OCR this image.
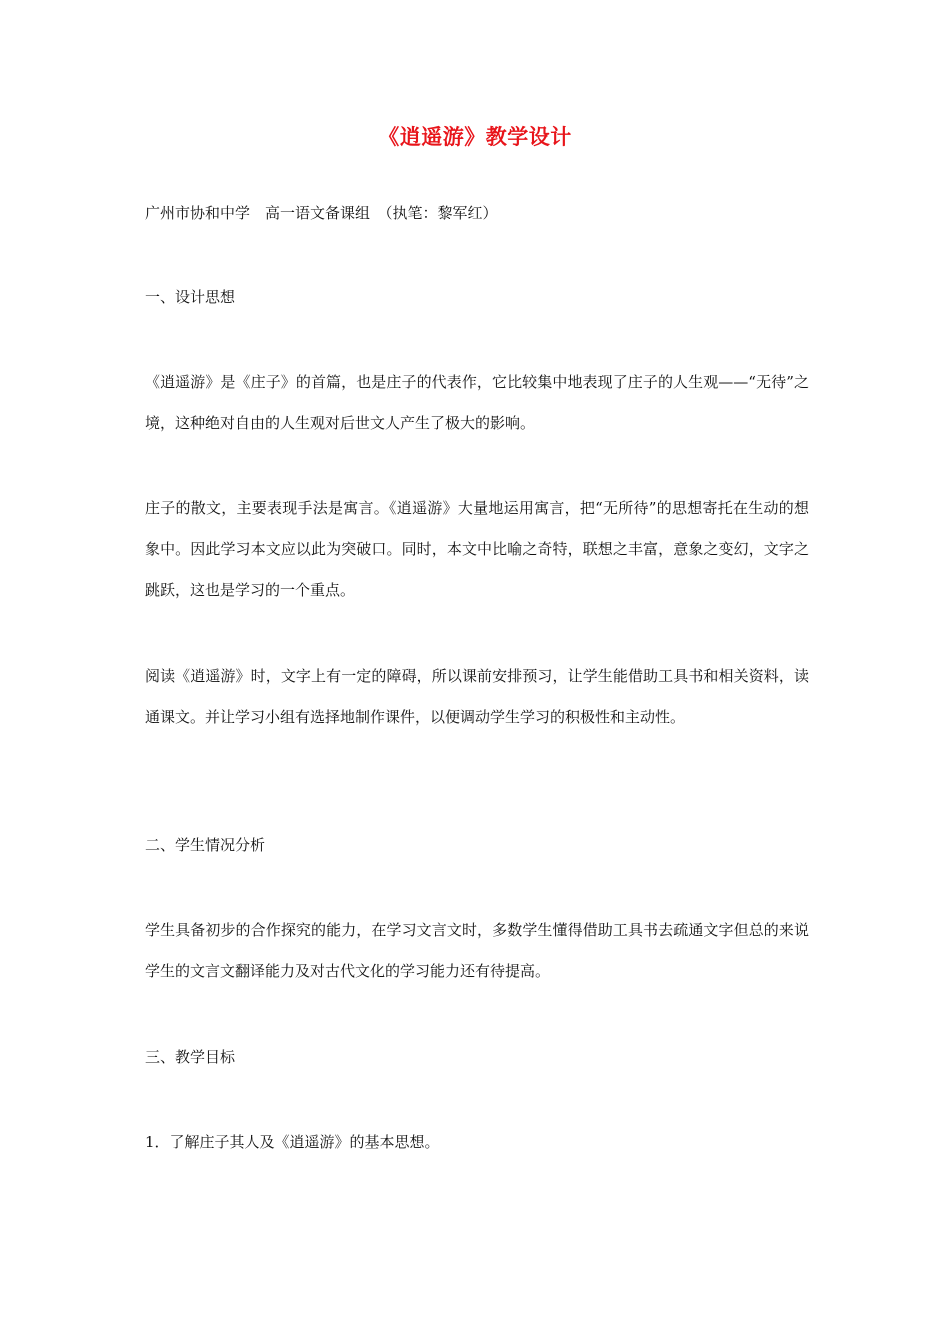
《逍遥游》教学设计
广州市协和中学　高一语文备课组　（执笔：黎军红）
一、设计思想
《逍遥游》是《庄子》的首篇，也是庄子的代表作，它比较集中地表现了庄子的人生观——“无待”之境，这种绝对自由的人生观对后世文人产生了极大的影响。
庄子的散文，主要表现手法是寓言。《逍遥游》大量地运用寓言，把“无所待”的思想寄托在生动的想象中。因此学习本文应以此为突破口。同时，本文中比喻之奇特，联想之丰富，意象之变幻，文字之跳跃，这也是学习的一个重点。
阅读《逍遥游》时，文字上有一定的障碍，所以课前安排预习，让学生能借助工具书和相关资料，读通课文。并让学习小组有选择地制作课件，以便调动学生学习的积极性和主动性。
二、学生情况分析
学生具备初步的合作探究的能力，在学习文言文时，多数学生懂得借助工具书去疏通文字但总的来说学生的文言文翻译能力及对古代文化的学习能力还有待提高。
三、教学目标
1．了解庄子其人及《逍遥游》的基本思想。
